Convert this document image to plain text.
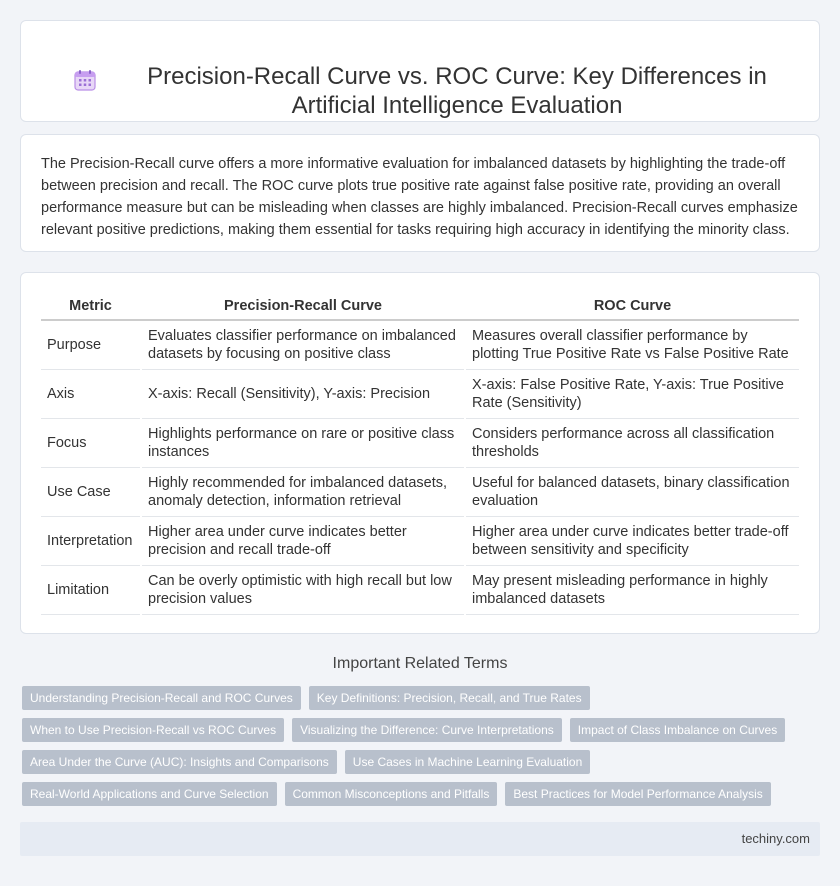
Precision-Recall Curve vs. ROC Curve: Key Differences in Artificial Intelligence Evaluation

The Precision-Recall curve offers a more informative evaluation for imbalanced datasets by highlighting the trade-off between precision and recall. The ROC curve plots true positive rate against false positive rate, providing an overall performance measure but can be misleading when classes are highly imbalanced. Precision-Recall curves emphasize relevant positive predictions, making them essential for tasks requiring high accuracy in identifying the minority class.

Metric	Precision-Recall Curve	ROC Curve
Purpose	Evaluates classifier performance on imbalanced datasets by focusing on positive class	Measures overall classifier performance by plotting True Positive Rate vs False Positive Rate
Axis	X-axis: Recall (Sensitivity), Y-axis: Precision	X-axis: False Positive Rate, Y-axis: True Positive Rate (Sensitivity)
Focus	Highlights performance on rare or positive class instances	Considers performance across all classification thresholds
Use Case	Highly recommended for imbalanced datasets, anomaly detection, information retrieval	Useful for balanced datasets, binary classification evaluation
Interpretation	Higher area under curve indicates better precision and recall trade-off	Higher area under curve indicates better trade-off between sensitivity and specificity
Limitation	Can be overly optimistic with high recall but low precision values	May present misleading performance in highly imbalanced datasets
Important Related Terms
Understanding Precision-Recall and ROC Curves	Key Definitions: Precision, Recall, and True Rates
When to Use Precision-Recall vs ROC Curves	Visualizing the Difference: Curve Interpretations	Impact of Class Imbalance on Curves
Area Under the Curve (AUC): Insights and Comparisons	Use Cases in Machine Learning Evaluation
Real-World Applications and Curve Selection	Common Misconceptions and Pitfalls	Best Practices for Model Performance Analysis
techiny.com
